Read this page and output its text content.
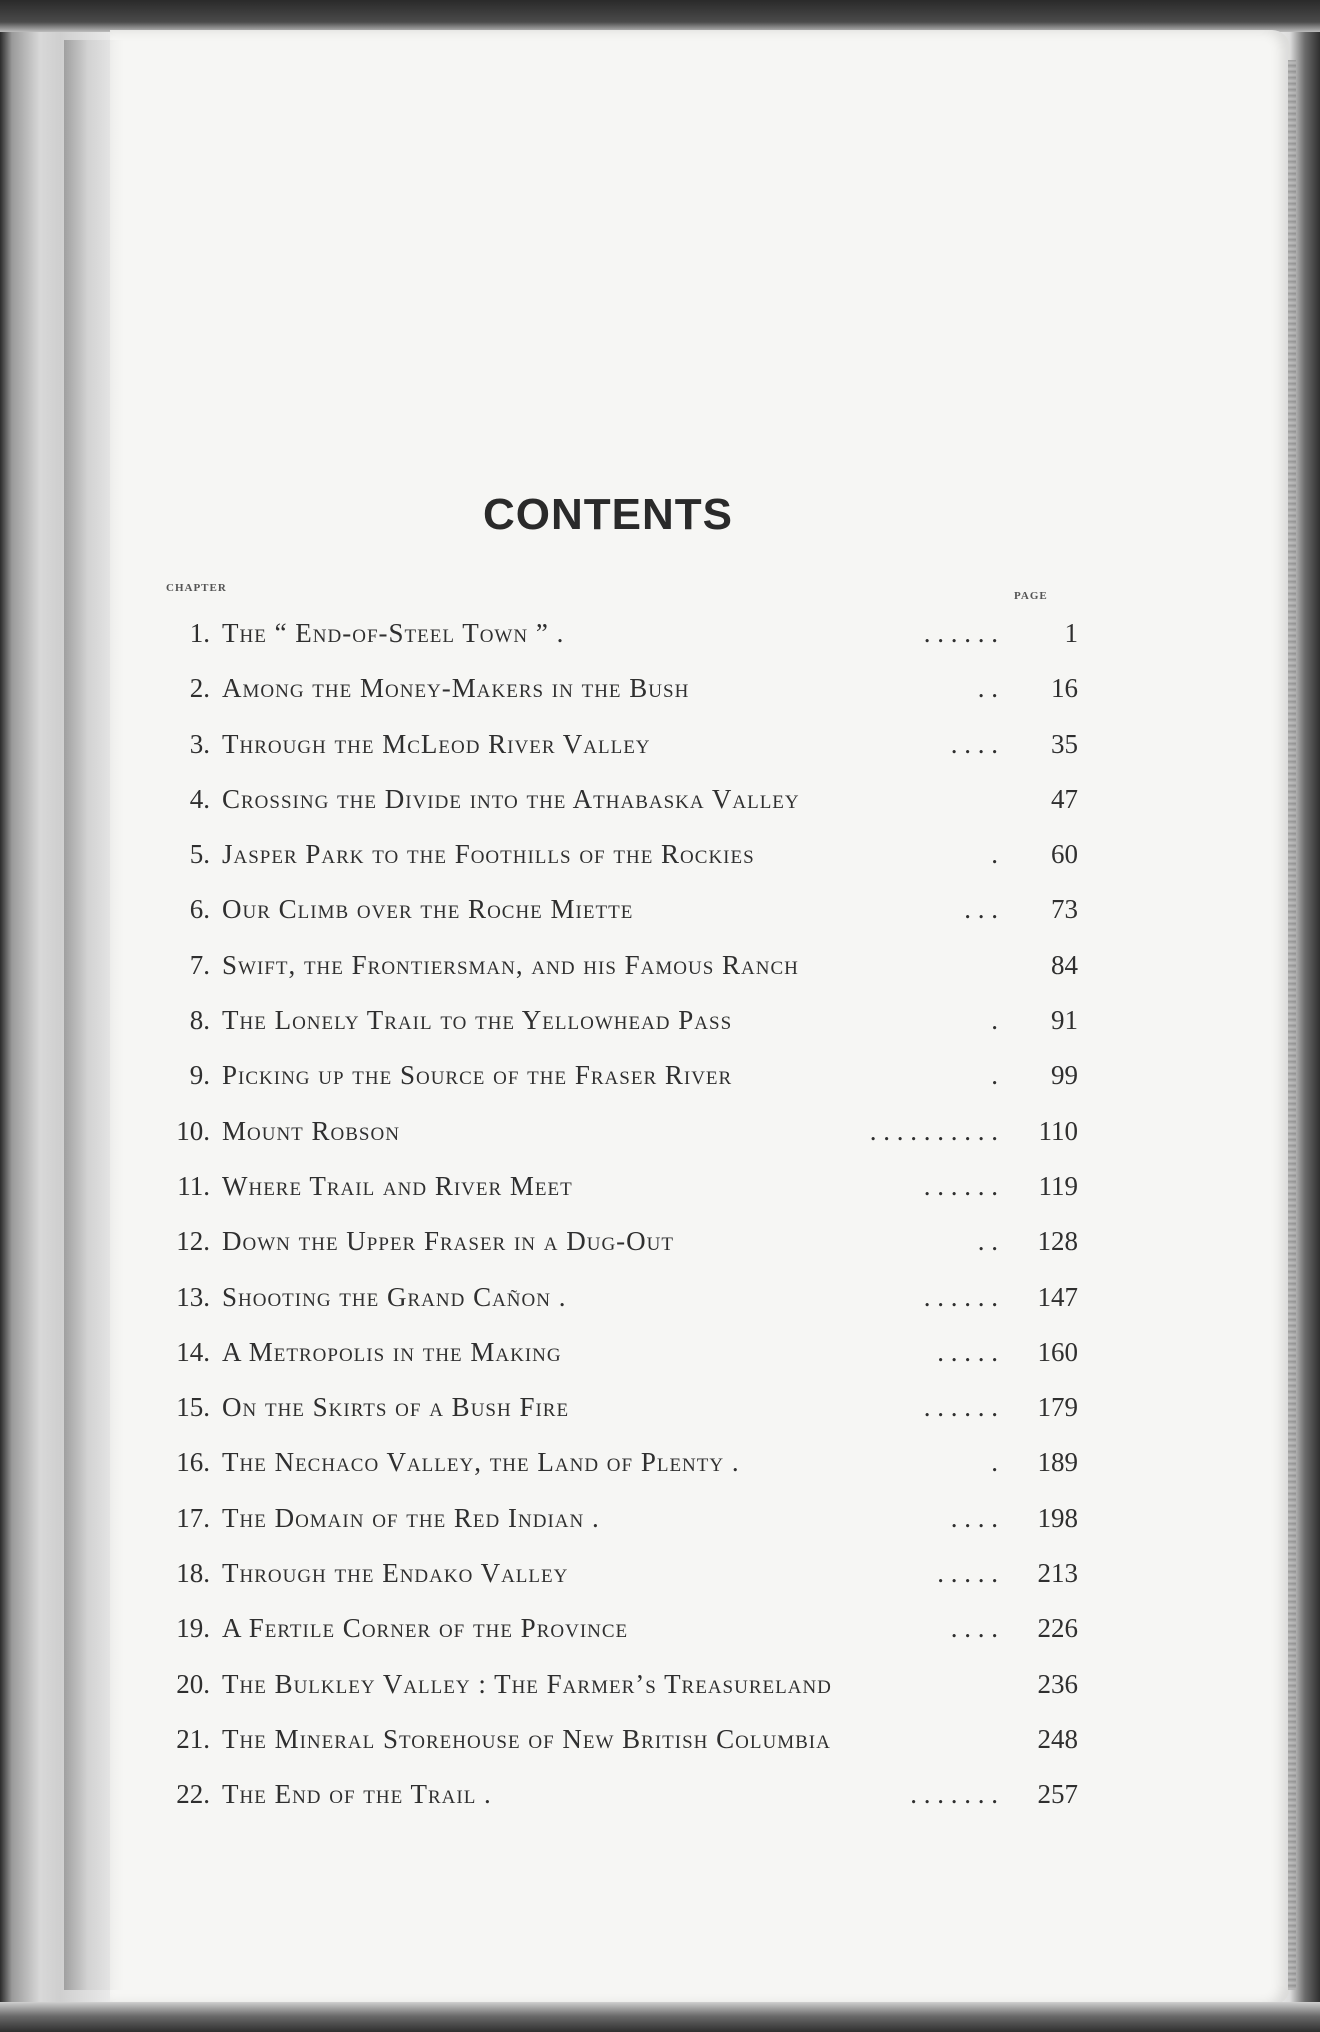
CONTENTS
CHAPTER
PAGE
1. The “ End-of-Steel Town ” .	. . . . . . 1
2. Among the Money-Makers in the Bush	. . 16
3. Through the McLeod River Valley	. . . . 35
4. Crossing the Divide into the Athabaska Valley	47
5. Jasper Park to the Foothills of the Rockies	. 60
6. Our Climb over the Roche Miette	. . . 73
7. Swift, the Frontiersman, and his Famous Ranch	84
8. The Lonely Trail to the Yellowhead Pass	. 91
9. Picking up the Source of the Fraser River	. 99
10. Mount Robson	. . . . . . . . . . 110
11. Where Trail and River Meet	. . . . . . 119
12. Down the Upper Fraser in a Dug-Out	. . 128
13. Shooting the Grand Cañon .	. . . . . . 147
14. A Metropolis in the Making	. . . . . 160
15. On the Skirts of a Bush Fire	. . . . . . 179
16. The Nechaco Valley, the Land of Plenty .	. 189
17. The Domain of the Red Indian .	. . . . 198
18. Through the Endako Valley	. . . . . 213
19. A Fertile Corner of the Province	. . . . 226
20. The Bulkley Valley : The Farmer’s Treasureland	236
21. The Mineral Storehouse of New British Columbia	248
22. The End of the Trail .	. . . . . . . 257
